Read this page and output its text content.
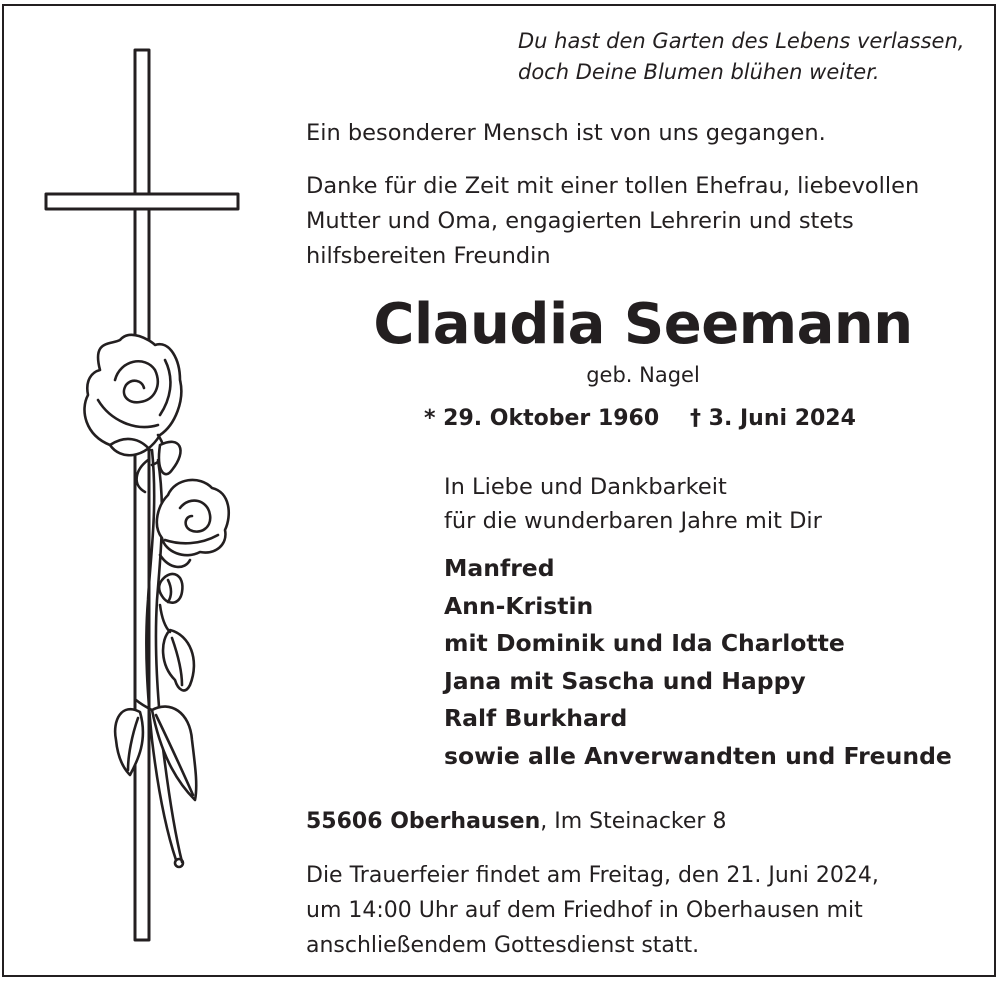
Du hast den Garten des Lebens verlassen,
doch Deine Blumen blühen weiter.
Ein besonderer Mensch ist von uns gegangen.
Danke für die Zeit mit einer tollen Ehefrau, liebevollen
Mutter und Oma, engagierten Lehrerin und stets
hilfsbereiten Freundin
Claudia Seemann
geb. Nagel
* 29. Oktober 1960 † 3. Juni 2024
In Liebe und Dankbarkeit
für die wunderbaren Jahre mit Dir
Manfred
Ann-Kristin
mit Dominik und Ida Charlotte
Jana mit Sascha und Happy
Ralf Burkhard
sowie alle Anverwandten und Freunde
55606 Oberhausen, Im Steinacker 8
Die Trauerfeier findet am Freitag, den 21. Juni 2024,
um 14:00 Uhr auf dem Friedhof in Oberhausen mit
anschließendem Gottesdienst statt.
